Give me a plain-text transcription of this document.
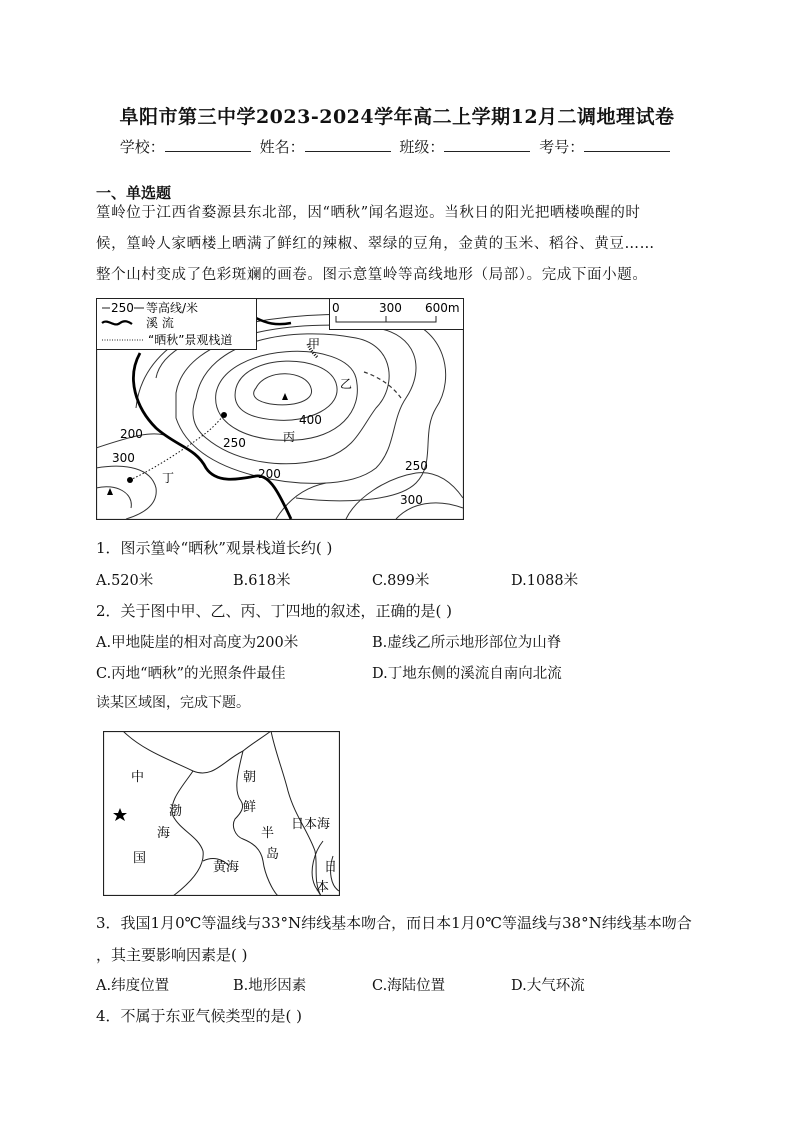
阜阳市第三中学2023-2024学年高二上学期12月二调地理试卷
学校：	姓名：	班级：	考号：
一、单选题
篁岭位于江西省婺源县东北部，因“晒秋”闻名遐迩。当秋日的阳光把晒楼唤醒的时
候，篁岭人家晒楼上晒满了鲜红的辣椒、翠绿的豆角，金黄的玉米、稻谷、黄豆……
整个山村变成了色彩斑斓的画卷。图示意篁岭等高线地形（局部）。完成下面小题。
250 等高线/米
溪 流
“晒秋”景观栈道
0	300 600m
甲
乙
丙
丁
400
250
200
300
200
250
300
1．图示篁岭“晒秋”观景栈道长约( )
A.520米	B.618米	C.899米	D.1088米
2．关于图中甲、乙、丙、丁四地的叙述，正确的是( )
A.甲地陡崖的相对高度为200米	B.虚线乙所示地形部位为山脊
C.丙地“晒秋”的光照条件最佳	D.丁地东侧的溪流自南向北流
读某区域图，完成下题。
中
国
渤
海
朝
鲜
半
岛
黄海
日本海
日
本
3．我国1月0℃等温线与33°N纬线基本吻合，而日本1月0℃等温线与38°N纬线基本吻合
，其主要影响因素是( )
A.纬度位置	B.地形因素	C.海陆位置	D.大气环流
4．不属于东亚气候类型的是( )
